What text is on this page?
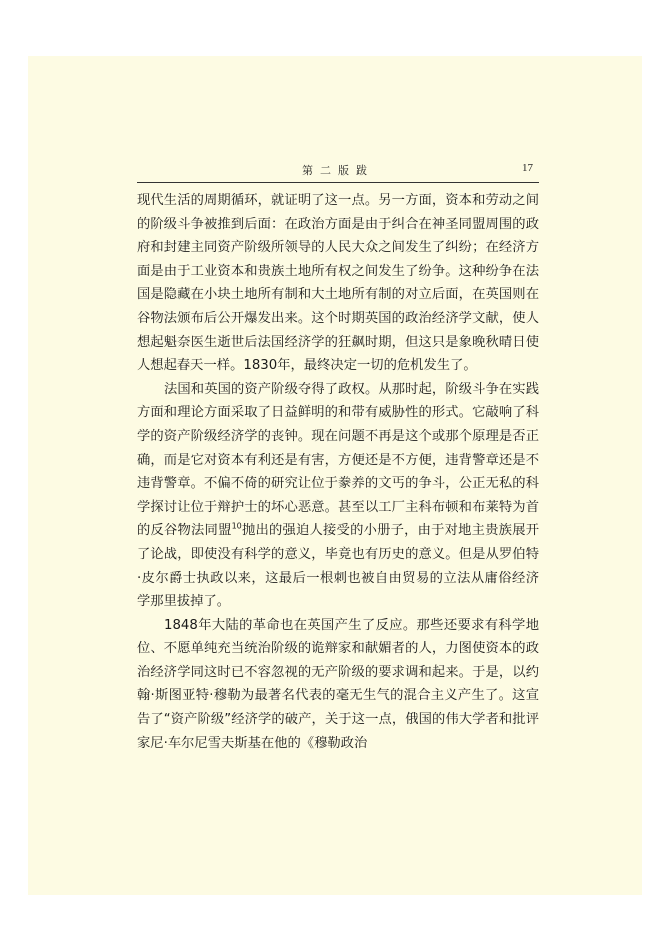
第二版跋	17

现代生活的周期循环，就证明了这一点。另一方面，资本和劳动之间的阶级斗争被推到后面：在政治方面是由于纠合在神圣同盟周围的政府和封建主同资产阶级所领导的人民大众之间发生了纠纷；在经济方面是由于工业资本和贵族土地所有权之间发生了纷争。这种纷争在法国是隐藏在小块土地所有制和大土地所有制的对立后面，在英国则在谷物法颁布后公开爆发出来。这个时期英国的政治经济学文献，使人想起魁奈医生逝世后法国经济学的狂飙时期，但这只是象晚秋晴日使人想起春天一样。1830年，最终决定一切的危机发生了。

法国和英国的资产阶级夺得了政权。从那时起，阶级斗争在实践方面和理论方面采取了日益鲜明的和带有威胁性的形式。它敲响了科学的资产阶级经济学的丧钟。现在问题不再是这个或那个原理是否正确，而是它对资本有利还是有害，方便还是不方便，违背警章还是不违背警章。不偏不倚的研究让位于豢养的文丐的争斗，公正无私的科学探讨让位于辩护士的坏心恶意。甚至以工厂主科布顿和布莱特为首的反谷物法同盟$^{10}$抛出的强迫人接受的小册子，由于对地主贵族展开了论战，即使没有科学的意义，毕竟也有历史的意义。但是从罗伯特·皮尔爵士执政以来，这最后一根刺也被自由贸易的立法从庸俗经济学那里拔掉了。

1848年大陆的革命也在英国产生了反应。那些还要求有科学地位、不愿单纯充当统治阶级的诡辩家和献媚者的人，力图使资本的政治经济学同这时已不容忽视的无产阶级的要求调和起来。于是，以约翰·斯图亚特·穆勒为最著名代表的毫无生气的混合主义产生了。这宣告了“资产阶级”经济学的破产，关于这一点，俄国的伟大学者和批评家尼·车尔尼雪夫斯基在他的《穆勒政治
